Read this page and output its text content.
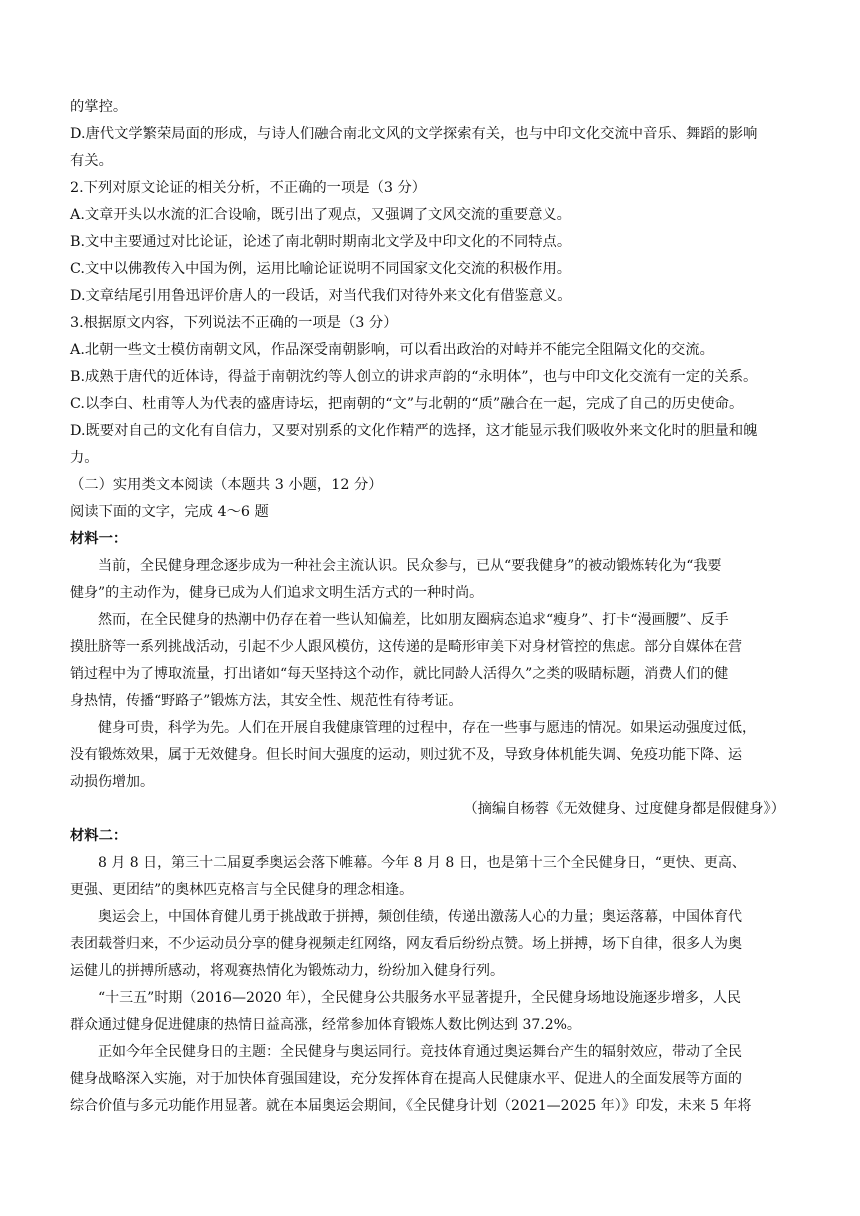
的掌控。
D.唐代文学繁荣局面的形成，与诗人们融合南北文风的文学探索有关，也与中印文化交流中音乐、舞蹈的影响
有关。
2.下列对原文论证的相关分析，不正确的一项是（3 分）
A.文章开头以水流的汇合设喻，既引出了观点，又强调了文风交流的重要意义。
B.文中主要通过对比论证，论述了南北朝时期南北文学及中印文化的不同特点。
C.文中以佛教传入中国为例，运用比喻论证说明不同国家文化交流的积极作用。
D.文章结尾引用鲁迅评价唐人的一段话，对当代我们对待外来文化有借鉴意义。
3.根据原文内容，下列说法不正确的一项是（3 分）
A.北朝一些文士模仿南朝文风，作品深受南朝影响，可以看出政治的对峙并不能完全阻隔文化的交流。
B.成熟于唐代的近体诗，得益于南朝沈约等人创立的讲求声韵的“永明体”，也与中印文化交流有一定的关系。
C.以李白、杜甫等人为代表的盛唐诗坛，把南朝的“文”与北朝的“质”融合在一起，完成了自己的历史使命。
D.既要对自己的文化有自信力，又要对别系的文化作精严的选择，这才能显示我们吸收外来文化时的胆量和魄
力。
（二）实用类文本阅读（本题共 3 小题，12 分）
阅读下面的文字，完成 4～6 题
材料一：
当前，全民健身理念逐步成为一种社会主流认识。民众参与，已从“要我健身”的被动锻炼转化为“我要
健身”的主动作为，健身已成为人们追求文明生活方式的一种时尚。
然而，在全民健身的热潮中仍存在着一些认知偏差，比如朋友圈病态追求“瘦身”、打卡“漫画腰”、反手
摸肚脐等一系列挑战活动，引起不少人跟风模仿，这传递的是畸形审美下对身材管控的焦虑。部分自媒体在营
销过程中为了博取流量，打出诸如“每天坚持这个动作，就比同龄人活得久”之类的吸睛标题，消费人们的健
身热情，传播“野路子”锻炼方法，其安全性、规范性有待考证。
健身可贵，科学为先。人们在开展自我健康管理的过程中，存在一些事与愿违的情况。如果运动强度过低，
没有锻炼效果，属于无效健身。但长时间大强度的运动，则过犹不及，导致身体机能失调、免疫功能下降、运
动损伤增加。
（摘编自杨蓉《无效健身、过度健身都是假健身》）
材料二：
8 月 8 日，第三十二届夏季奥运会落下帷幕。今年 8 月 8 日，也是第十三个全民健身日，“更快、更高、
更强、更团结”的奥林匹克格言与全民健身的理念相逢。
奥运会上，中国体育健儿勇于挑战敢于拼搏，频创佳绩，传递出激荡人心的力量；奥运落幕，中国体育代
表团载誉归来，不少运动员分享的健身视频走红网络，网友看后纷纷点赞。场上拼搏，场下自律，很多人为奥
运健儿的拼搏所感动，将观赛热情化为锻炼动力，纷纷加入健身行列。
“十三五”时期（2016—2020 年），全民健身公共服务水平显著提升，全民健身场地设施逐步增多，人民
群众通过健身促进健康的热情日益高涨，经常参加体育锻炼人数比例达到 37.2%。
正如今年全民健身日的主题：全民健身与奥运同行。竞技体育通过奥运舞台产生的辐射效应，带动了全民
健身战略深入实施，对于加快体育强国建设，充分发挥体育在提高人民健康水平、促进人的全面发展等方面的
综合价值与多元功能作用显著。就在本届奥运会期间，《全民健身计划（2021—2025 年）》印发，未来 5 年将
